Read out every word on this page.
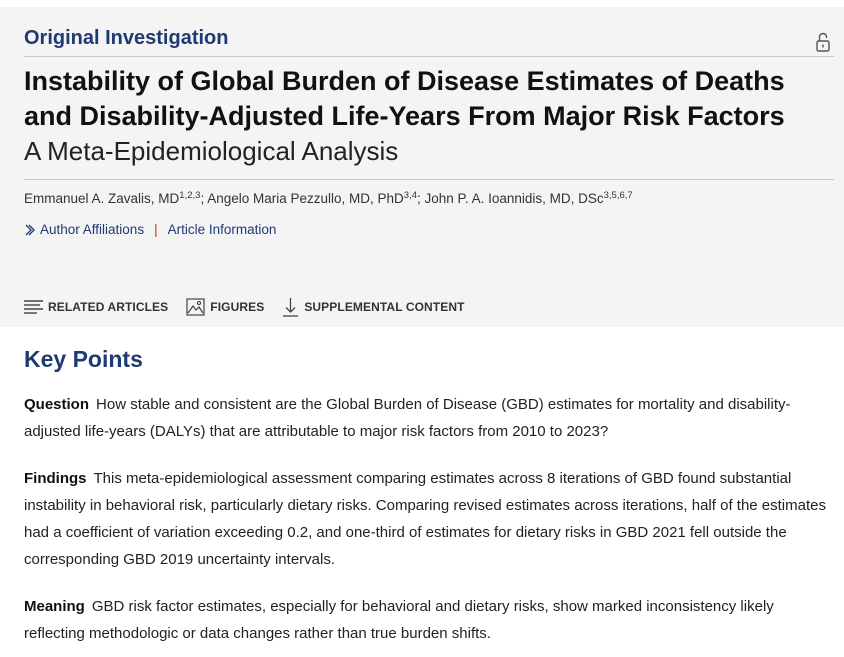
Original Investigation
Instability of Global Burden of Disease Estimates of Deaths and Disability-Adjusted Life-Years From Major Risk Factors
A Meta-Epidemiological Analysis
Emmanuel A. Zavalis, MD$^{1,2,3}$; Angelo Maria Pezzullo, MD, PhD$^{3,4}$; John P. A. Ioannidis, MD, DSc$^{3,5,6,7}$
Author Affiliations | Article Information
RELATED ARTICLES	FIGURES	SUPPLEMENTAL CONTENT
Key Points

Question How stable and consistent are the Global Burden of Disease (GBD) estimates for mortality and disability-adjusted life-years (DALYs) that are attributable to major risk factors from 2010 to 2023?

Findings This meta-epidemiological assessment comparing estimates across 8 iterations of GBD found substantial instability in behavioral risk, particularly dietary risks. Comparing revised estimates across iterations, half of the estimates had a coefficient of variation exceeding 0.2, and one-third of estimates for dietary risks in GBD 2021 fell outside the corresponding GBD 2019 uncertainty intervals.

Meaning GBD risk factor estimates, especially for behavioral and dietary risks, show marked inconsistency likely reflecting methodologic or data changes rather than true burden shifts.
